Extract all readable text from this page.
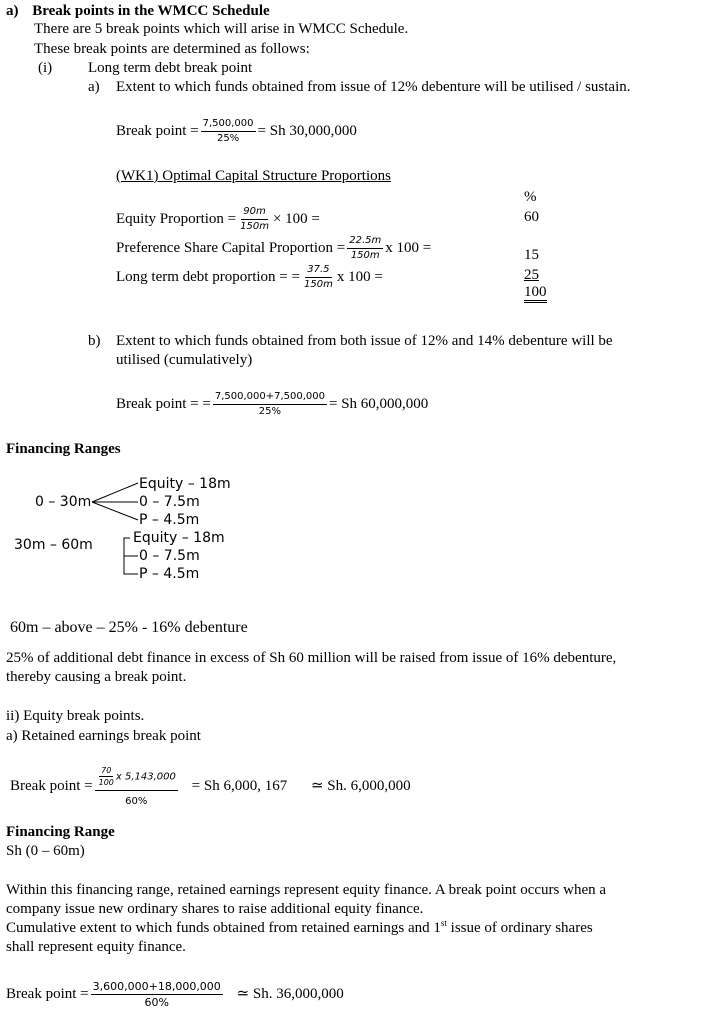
a) Break points in the WMCC Schedule
There are 5 break points which will arise in WMCC Schedule.
These break points are determined as follows:
(i) Long term debt break point
a) Extent to which funds obtained from issue of 12% debenture will be utilised / sustain.
Break point = $\frac{7,500,000}{25\%} = Sh$ 30,000,000
(WK1) Optimal Capital Structure Proportions
%
Equity Proportion = $\frac{90m}{150m} \times 100$ =	60
Preference Share Capital Proportion = $\frac{22.5m}{150m}$ x 100 =	15
Long term debt proportion = = $\frac{37.5}{150m}$ x 100 =	25
100
b) Extent to which funds obtained from both issue of 12% and 14% debenture will be
utilised (cumulatively)
Break point = = $\frac{7,500,000+7,500,000}{25\%} = Sh$ 60,000,000
Financing Ranges
0 – 30m
Equity – 18m
0 – 7.5m
P – 4.5m
30m – 60m	Equity – 18m
0 – 7.5m
P – 4.5m
60m – above – 25% - 16% debenture
25% of additional debt finance in excess of Sh 60 million will be raised from issue of 16% debenture,
thereby causing a break point.
ii) Equity break points.
a) Retained earnings break point
Break point = $\frac{\frac{70}{100} x 5,143,000}{60\%} = Sh$ 6,000, 167 ≃ Sh. 6,000,000
Financing Range
Sh (0 – 60m)
Within this financing range, retained earnings represent equity finance. A break point occurs when a
company issue new ordinary shares to raise additional equity finance.
Cumulative extent to which funds obtained from retained earnings and 1st issue of ordinary shares
shall represent equity finance.
Break point = $\frac{3,600,000+18,000,000}{60\%}$ ≃ Sh. 36,000,000
